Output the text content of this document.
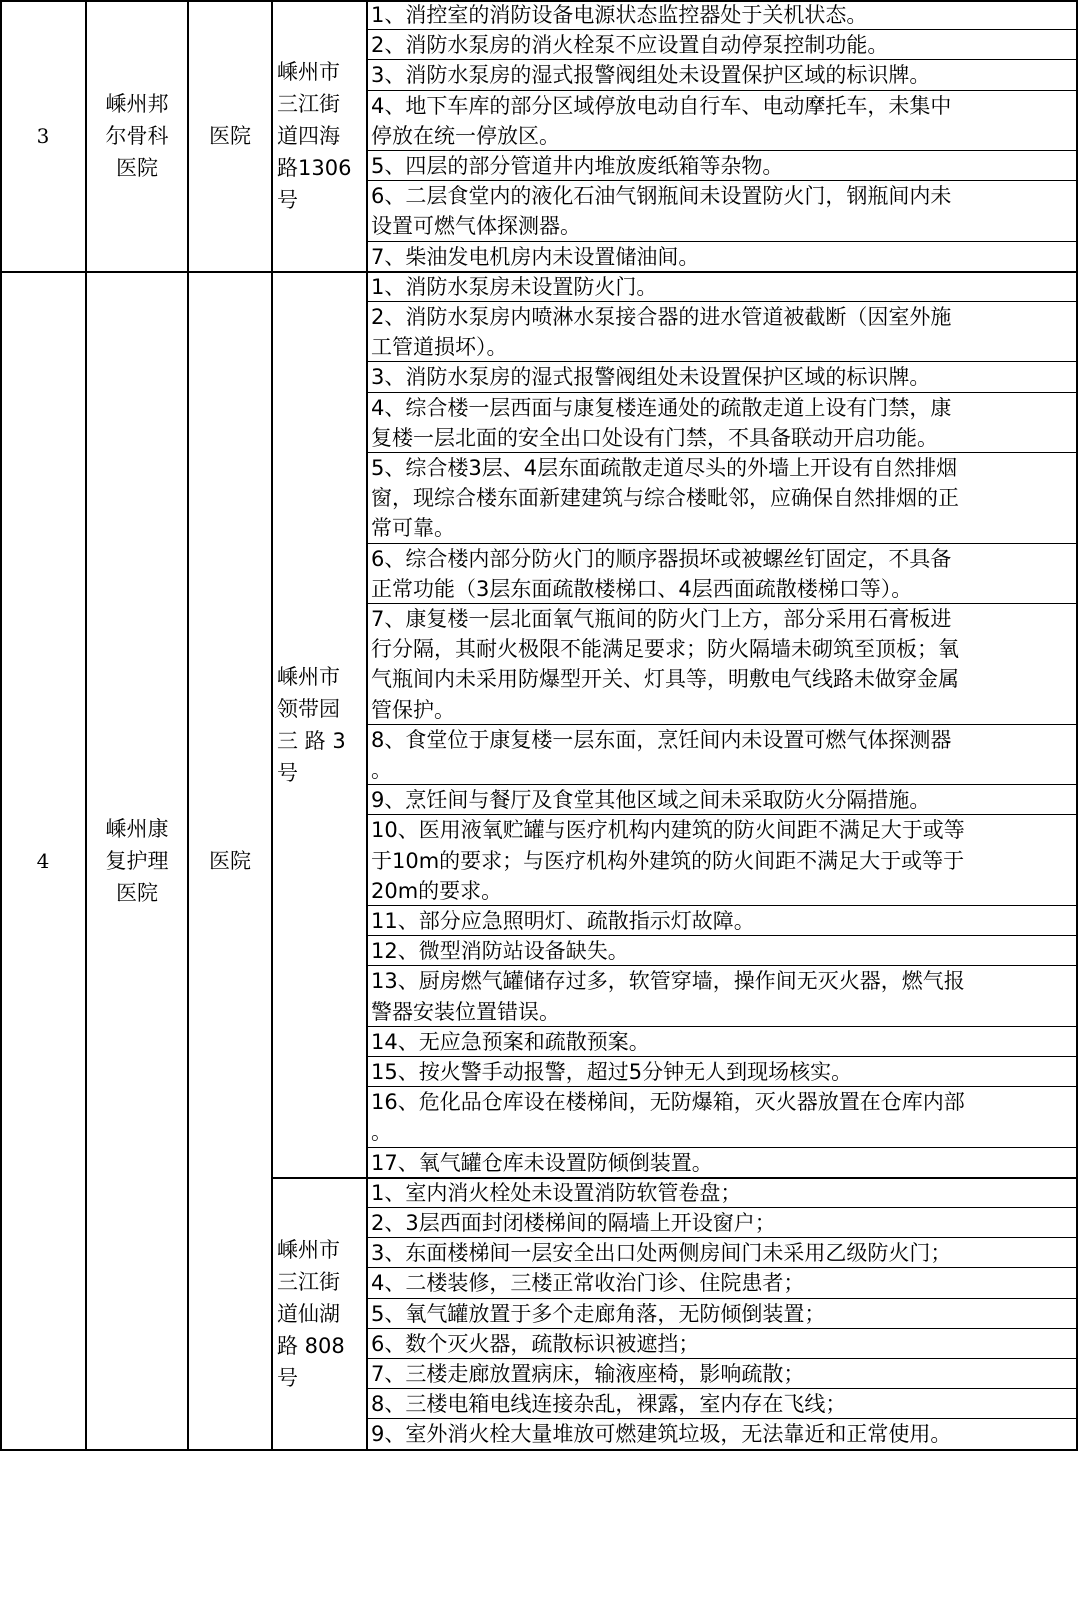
1、消控室的消防设备电源状态监控器处于关机状态。
2、消防水泵房的消火栓泵不应设置自动停泵控制功能。
3、消防水泵房的湿式报警阀组处未设置保护区域的标识牌。
4、地下车库的部分区域停放电动自行车、电动摩托车，未集中
停放在统一停放区。
5、四层的部分管道井内堆放废纸箱等杂物。
6、二层食堂内的液化石油气钢瓶间未设置防火门，钢瓶间内未
设置可燃气体探测器。
7、柴油发电机房内未设置储油间。
嵊州市
三江街
道四海
路1306
号
3
嵊州邦
尔骨科
医院
医院
1、消防水泵房未设置防火门。
2、消防水泵房内喷淋水泵接合器的进水管道被截断（因室外施
工管道损坏）。
3、消防水泵房的湿式报警阀组处未设置保护区域的标识牌。
4、综合楼一层西面与康复楼连通处的疏散走道上设有门禁，康
复楼一层北面的安全出口处设有门禁，不具备联动开启功能。
5、综合楼3层、4层东面疏散走道尽头的外墙上开设有自然排烟
窗，现综合楼东面新建建筑与综合楼毗邻，应确保自然排烟的正
常可靠。
6、综合楼内部分防火门的顺序器损坏或被螺丝钉固定，不具备
正常功能（3层东面疏散楼梯口、4层西面疏散楼梯口等）。
7、康复楼一层北面氧气瓶间的防火门上方，部分采用石膏板进
行分隔，其耐火极限不能满足要求；防火隔墙未砌筑至顶板；氧
气瓶间内未采用防爆型开关、灯具等，明敷电气线路未做穿金属
管保护。
8、食堂位于康复楼一层东面，烹饪间内未设置可燃气体探测器
。
9、烹饪间与餐厅及食堂其他区域之间未采取防火分隔措施。
10、医用液氧贮罐与医疗机构内建筑的防火间距不满足大于或等
于10m的要求；与医疗机构外建筑的防火间距不满足大于或等于
20m的要求。
11、部分应急照明灯、疏散指示灯故障。
12、微型消防站设备缺失。
13、厨房燃气罐储存过多，软管穿墙，操作间无灭火器，燃气报
警器安装位置错误。
14、无应急预案和疏散预案。
15、按火警手动报警，超过5分钟无人到现场核实。
16、危化品仓库设在楼梯间，无防爆箱，灭火器放置在仓库内部
。
17、氧气罐仓库未设置防倾倒装置。
嵊州市
领带园
三 路 3
号
1、室内消火栓处未设置消防软管卷盘；
2、3层西面封闭楼梯间的隔墙上开设窗户；
3、东面楼梯间一层安全出口处两侧房间门未采用乙级防火门；
4、二楼装修，三楼正常收治门诊、住院患者；
5、氧气罐放置于多个走廊角落，无防倾倒装置；
6、数个灭火器，疏散标识被遮挡；
7、三楼走廊放置病床，输液座椅，影响疏散；
8、三楼电箱电线连接杂乱，裸露，室内存在飞线；
9、室外消火栓大量堆放可燃建筑垃圾，无法靠近和正常使用。
嵊州市
三江街
道仙湖
路 808
号
4
嵊州康
复护理
医院
医院
